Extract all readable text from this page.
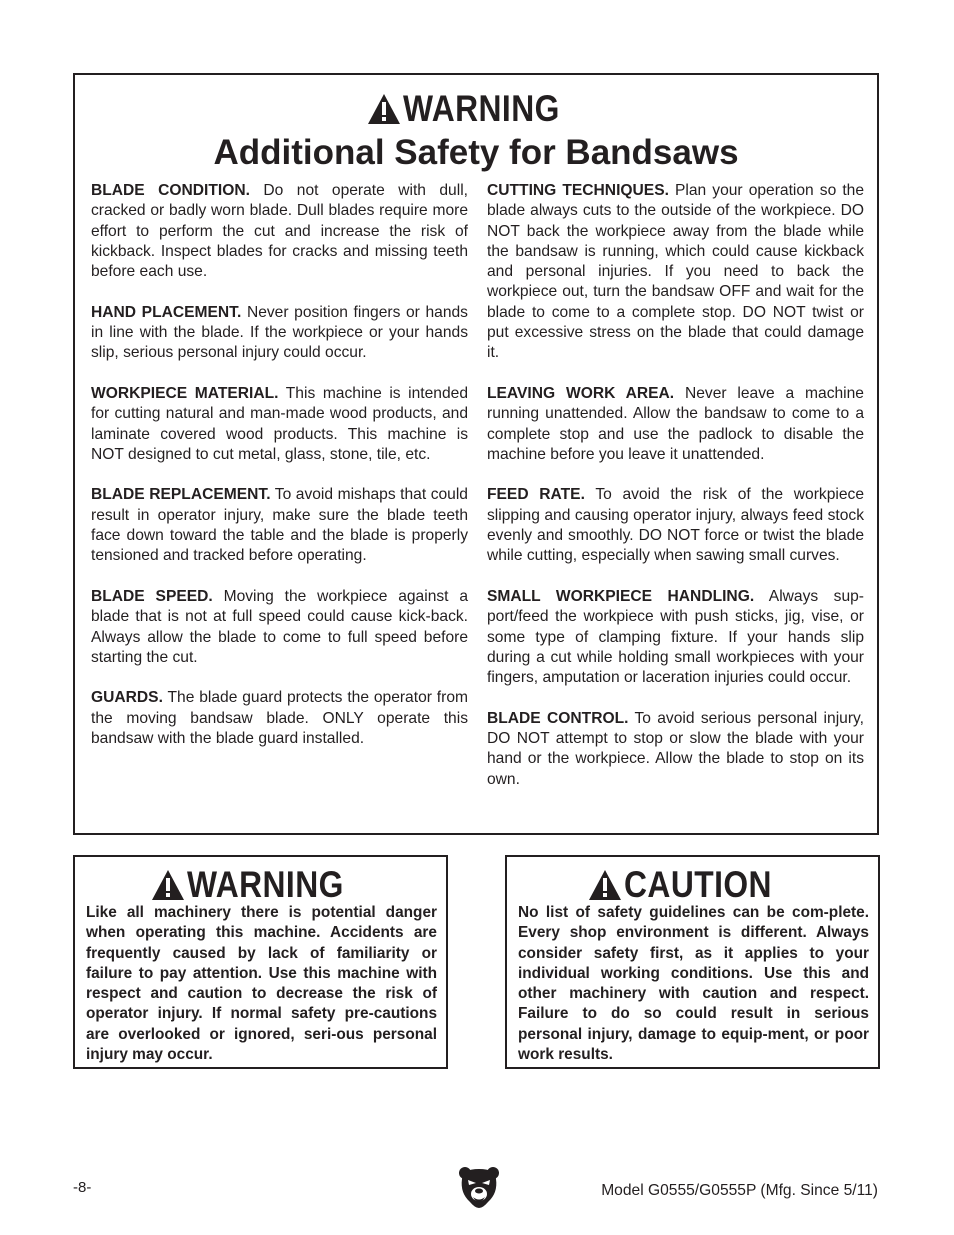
WARNING
Additional Safety for Bandsaws

BLADE CONDITION. Do not operate with dull, cracked or badly worn blade. Dull blades require more effort to perform the cut and increase the risk of kickback. Inspect blades for cracks and missing teeth before each use.

HAND PLACEMENT. Never position fingers or hands in line with the blade. If the workpiece or your hands slip, serious personal injury could occur.

WORKPIECE MATERIAL. This machine is intended for cutting natural and man-made wood products, and laminate covered wood products. This machine is NOT designed to cut metal, glass, stone, tile, etc.

BLADE REPLACEMENT. To avoid mishaps that could result in operator injury, make sure the blade teeth face down toward the table and the blade is properly tensioned and tracked before operating.

BLADE SPEED. Moving the workpiece against a blade that is not at full speed could cause kick-back. Always allow the blade to come to full speed before starting the cut.

GUARDS. The blade guard protects the operator from the moving bandsaw blade. ONLY operate this bandsaw with the blade guard installed.

CUTTING TECHNIQUES. Plan your operation so the blade always cuts to the outside of the workpiece. DO NOT back the workpiece away from the blade while the bandsaw is running, which could cause kickback and personal injuries. If you need to back the workpiece out, turn the bandsaw OFF and wait for the blade to come to a complete stop. DO NOT twist or put excessive stress on the blade that could damage it.

LEAVING WORK AREA. Never leave a machine running unattended. Allow the bandsaw to come to a complete stop and use the padlock to disable the machine before you leave it unattended.

FEED RATE. To avoid the risk of the workpiece slipping and causing operator injury, always feed stock evenly and smoothly. DO NOT force or twist the blade while cutting, especially when sawing small curves.

SMALL WORKPIECE HANDLING. Always sup-port/feed the workpiece with push sticks, jig, vise, or some type of clamping fixture. If your hands slip during a cut while holding small workpieces with your fingers, amputation or laceration injuries could occur.

BLADE CONTROL. To avoid serious personal injury, DO NOT attempt to stop or slow the blade with your hand or the workpiece. Allow the blade to stop on its own.

WARNING
Like all machinery there is potential danger when operating this machine. Accidents are frequently caused by lack of familiarity or failure to pay attention. Use this machine with respect and caution to decrease the risk of operator injury. If normal safety pre-cautions are overlooked or ignored, seri-ous personal injury may occur.
CAUTION
No list of safety guidelines can be com-plete. Every shop environment is different. Always consider safety first, as it applies to your individual working conditions. Use this and other machinery with caution and respect. Failure to do so could result in serious personal injury, damage to equip-ment, or poor work results.
-8-	Model G0555/G0555P (Mfg. Since 5/11)
